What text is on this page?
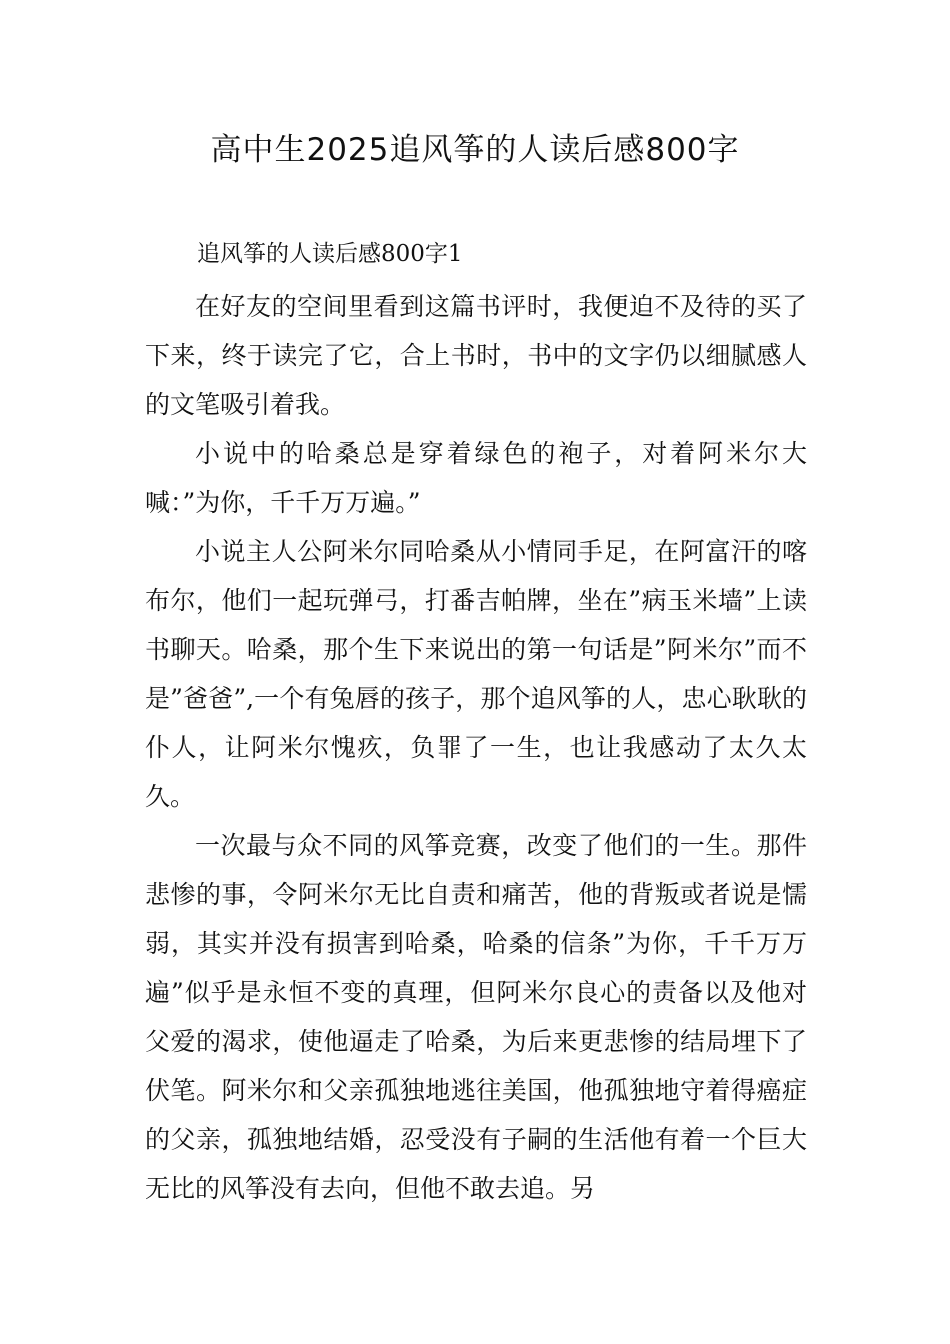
高中生2025追风筝的人读后感800字

追风筝的人读后感800字1

在好友的空间里看到这篇书评时，我便迫不及待的买了下来，终于读完了它，合上书时，书中的文字仍以细腻感人的文笔吸引着我。

小说中的哈桑总是穿着绿色的袍子，对着阿米尔大喊：”为你，千千万万遍。”

小说主人公阿米尔同哈桑从小情同手足，在阿富汗的喀布尔，他们一起玩弹弓，打番吉帕牌，坐在”病玉米墙”上读书聊天。哈桑，那个生下来说出的第一句话是”阿米尔”而不是”爸爸”,一个有兔唇的孩子，那个追风筝的人，忠心耿耿的仆人，让阿米尔愧疚，负罪了一生，也让我感动了太久太久。

一次最与众不同的风筝竞赛，改变了他们的一生。那件悲惨的事，令阿米尔无比自责和痛苦，他的背叛或者说是懦弱，其实并没有损害到哈桑，哈桑的信条”为你，千千万万遍”似乎是永恒不变的真理，但阿米尔良心的责备以及他对父爱的渴求，使他逼走了哈桑，为后来更悲惨的结局埋下了伏笔。阿米尔和父亲孤独地逃往美国，他孤独地守着得癌症的父亲，孤独地结婚，忍受没有子嗣的生活他有着一个巨大无比的风筝没有去向，但他不敢去追。另
